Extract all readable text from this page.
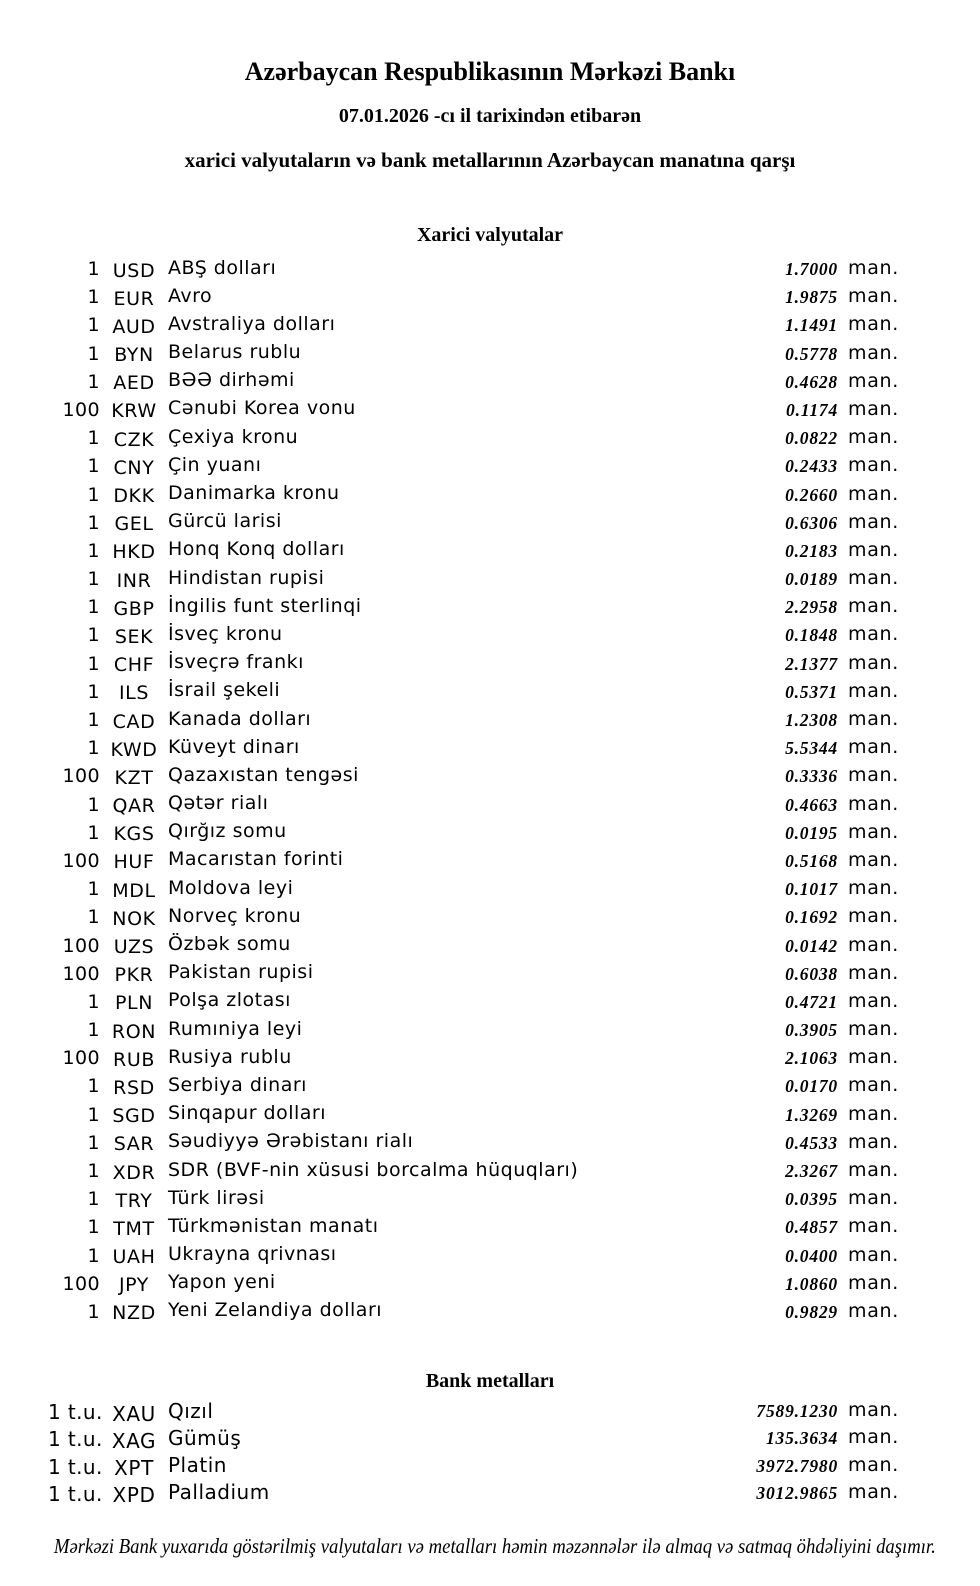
Azərbaycan Respublikasının Mərkəzi Bankı
07.01.2026 -cı il tarixindən etibarən
xarici valyutaların və bank metallarının Azərbaycan manatına qarşı
Xarici valyutalar
1 USD ABŞ dolları	1.7000 man.
1 EUR Avro	1.9875 man.
1 AUD Avstraliya dolları	1.1491 man.
1 BYN Belarus rublu	0.5778 man.
1 AED BƏƏ dirhəmi	0.4628 man.
100 KRW Cənubi Korea vonu	0.1174 man.
1 CZK Çexiya kronu	0.0822 man.
1 CNY Çin yuanı	0.2433 man.
1 DKK Danimarka kronu	0.2660 man.
1 GEL Gürcü larisi	0.6306 man.
1 HKD Honq Konq dolları	0.2183 man.
1 INR Hindistan rupisi	0.0189 man.
1 GBP İngilis funt sterlinqi	2.2958 man.
1 SEK İsveç kronu	0.1848 man.
1 CHF İsveçrə frankı	2.1377 man.
1 ILS İsrail şekeli	0.5371 man.
1 CAD Kanada dolları	1.2308 man.
1 KWD Küveyt dinarı	5.5344 man.
100 KZT Qazaxıstan tengəsi	0.3336 man.
1 QAR Qətər rialı	0.4663 man.
1 KGS Qırğız somu	0.0195 man.
100 HUF Macarıstan forinti	0.5168 man.
1 MDL Moldova leyi	0.1017 man.
1 NOK Norveç kronu	0.1692 man.
100 UZS Özbək somu	0.0142 man.
100 PKR Pakistan rupisi	0.6038 man.
1 PLN Polşa zlotası	0.4721 man.
1 RON Rumıniya leyi	0.3905 man.
100 RUB Rusiya rublu	2.1063 man.
1 RSD Serbiya dinarı	0.0170 man.
1 SGD Sinqapur dolları	1.3269 man.
1 SAR Səudiyyə Ərəbistanı rialı	0.4533 man.
1 XDR SDR (BVF-nin xüsusi borcalma hüquqları)	2.3267 man.
1 TRY Türk lirəsi	0.0395 man.
1 TMT Türkmənistan manatı	0.4857 man.
1 UAH Ukrayna qrivnası	0.0400 man.
100 JPY Yapon yeni	1.0860 man.
1 NZD Yeni Zelandiya dolları	0.9829 man.
Bank metalları
1 t.u. XAU Qızıl	7589.1230 man.
1 t.u. XAG Gümüş	135.3634 man.
1 t.u. XPT Platin	3972.7980 man.
1 t.u. XPD Palladium	3012.9865 man.
Mərkəzi Bank yuxarıda göstərilmiş valyutaları və metalları həmin məzənnələr ilə almaq və satmaq öhdəliyini daşımır.
